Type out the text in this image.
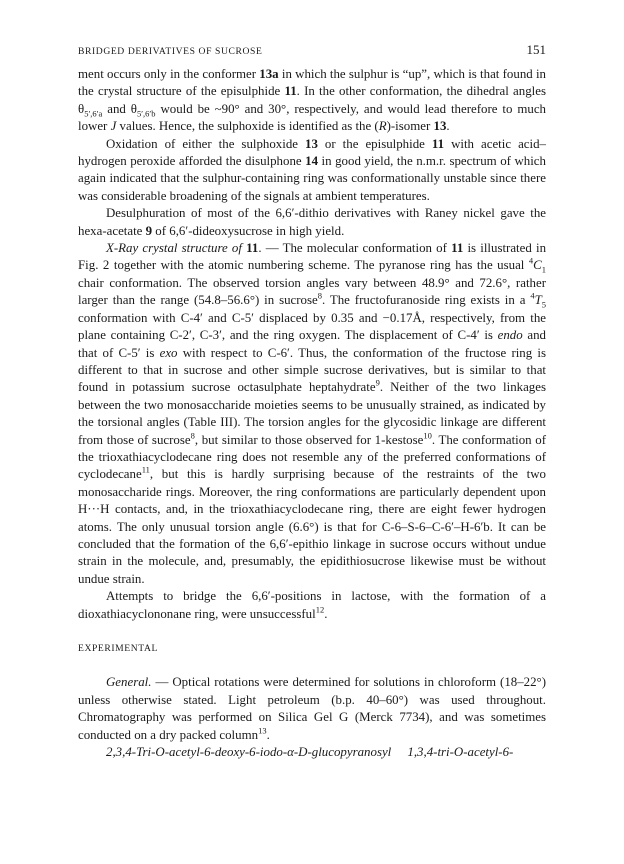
BRIDGED DERIVATIVES OF SUCROSE	151

ment occurs only in the conformer 13a in which the sulphur is “up”, which is that found in the crystal structure of the episulphide 11. In the other conformation, the dihedral angles $\theta_{5',6'a}$ and $\theta_{5',6'b}$ would be ~90° and 30°, respectively, and would lead therefore to much lower J values. Hence, the sulphoxide is identified as the (R)-isomer 13.

Oxidation of either the sulphoxide 13 or the episulphide 11 with acetic acid–hydrogen peroxide afforded the disulphone 14 in good yield, the n.m.r. spectrum of which again indicated that the sulphur-containing ring was conformationally unstable since there was considerable broadening of the signals at ambient temperatures.

Desulphuration of most of the 6,6′-dithio derivatives with Raney nickel gave the hexa-acetate 9 of 6,6′-dideoxysucrose in high yield.

X-Ray crystal structure of 11. — The molecular conformation of 11 is illustrated in Fig. 2 together with the atomic numbering scheme. The pyranose ring has the usual $^4C_1$ chair conformation. The observed torsion angles vary between 48.9° and 72.6°, rather larger than the range (54.8–56.6°) in sucrose$^8$. The fructofuranoside ring exists in a $^4T_5$ conformation with C-4′ and C-5′ displaced by 0.35 and −0.17Å, respectively, from the plane containing C-2′, C-3′, and the ring oxygen. The displacement of C-4′ is endo and that of C-5′ is exo with respect to C-6′. Thus, the conformation of the fructose ring is different to that in sucrose and other simple sucrose derivatives, but is similar to that found in potassium sucrose octasulphate heptahydrate$^9$. Neither of the two linkages between the two monosaccharide moieties seems to be unusually strained, as indicated by the torsional angles (Table III). The torsion angles for the glycosidic linkage are different from those of sucrose$^8$, but similar to those observed for 1-kestose$^{10}$. The conformation of the trioxathiacyclodecane ring does not resemble any of the preferred conformations of cyclodecane$^{11}$, but this is hardly surprising because of the restraints of the two monosaccharide rings. Moreover, the ring conformations are particularly dependent upon H···H contacts, and, in the trioxathiacyclodecane ring, there are eight fewer hydrogen atoms. The only unusual torsion angle (6.6°) is that for C-6–S-6–C-6′–H-6′b. It can be concluded that the formation of the 6,6′-epithio linkage in sucrose occurs without undue strain in the molecule, and, presumably, the epidithiosucrose likewise must be without undue strain.

Attempts to bridge the 6,6′-positions in lactose, with the formation of a dioxathiacyclononane ring, were unsuccessful$^{12}$.

EXPERIMENTAL

General. — Optical rotations were determined for solutions in chloroform (18–22°) unless otherwise stated. Light petroleum (b.p. 40–60°) was used throughout. Chromatography was performed on Silica Gel G (Merck 7734), and was sometimes conducted on a dry packed column$^{13}$.

2,3,4-Tri-O-acetyl-6-deoxy-6-iodo-α-D-glucopyranosyl  1,3,4-tri-O-acetyl-6-
